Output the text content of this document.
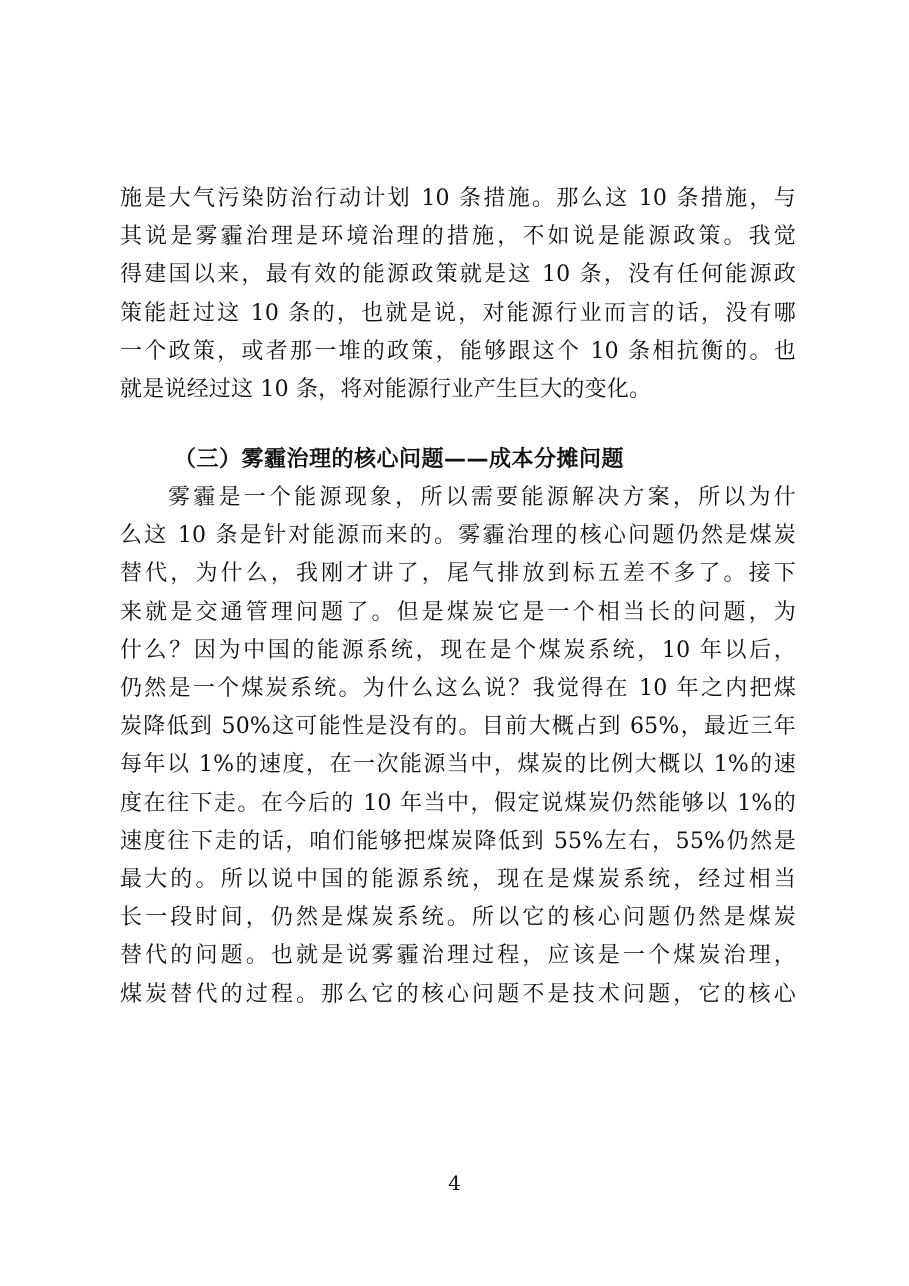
施是大气污染防治行动计划 10 条措施。那么这 10 条措施，与
其说是雾霾治理是环境治理的措施，不如说是能源政策。我觉
得建国以来，最有效的能源政策就是这 10 条，没有任何能源政
策能赶过这 10 条的，也就是说，对能源行业而言的话，没有哪
一个政策，或者那一堆的政策，能够跟这个 10 条相抗衡的。也
就是说经过这 10 条，将对能源行业产生巨大的变化。
（三）雾霾治理的核心问题——成本分摊问题
雾霾是一个能源现象，所以需要能源解决方案，所以为什
么这 10 条是针对能源而来的。雾霾治理的核心问题仍然是煤炭
替代，为什么，我刚才讲了，尾气排放到标五差不多了。接下
来就是交通管理问题了。但是煤炭它是一个相当长的问题，为
什么？因为中国的能源系统，现在是个煤炭系统，10 年以后，
仍然是一个煤炭系统。为什么这么说？我觉得在 10 年之内把煤
炭降低到 50%这可能性是没有的。目前大概占到 65%，最近三年
每年以 1%的速度，在一次能源当中，煤炭的比例大概以 1%的速
度在往下走。在今后的 10 年当中，假定说煤炭仍然能够以 1%的
速度往下走的话，咱们能够把煤炭降低到 55%左右，55%仍然是
最大的。所以说中国的能源系统，现在是煤炭系统，经过相当
长一段时间，仍然是煤炭系统。所以它的核心问题仍然是煤炭
替代的问题。也就是说雾霾治理过程，应该是一个煤炭治理，
煤炭替代的过程。那么它的核心问题不是技术问题，它的核心
4
